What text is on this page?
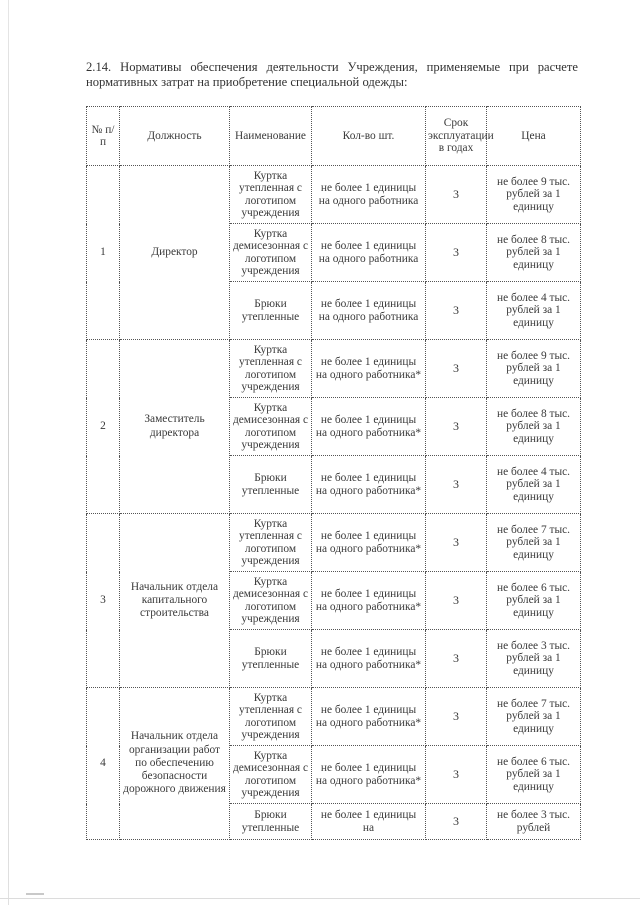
2.14. Нормативы обеспечения деятельности Учреждения, применяемые при расчете нормативных затрат на приобретение специальной одежды:

№ п/п	Должность	Наименование	Кол-во шт.	Срок эксплуатации в годах	Цена
1	Директор	Куртка утепленная с логотипом учреждения	не более 1 единицы на одного работника	3	не более 9 тыс. рублей за 1 единицу
		Куртка демисезонная с логотипом учреждения	не более 1 единицы на одного работника	3	не более 8 тыс. рублей за 1 единицу
		Брюки утепленные	не более 1 единицы на одного работника	3	не более 4 тыс. рублей за 1 единицу
2	Заместитель директора	Куртка утепленная с логотипом учреждения	не более 1 единицы на одного работника*	3	не более 9 тыс. рублей за 1 единицу
		Куртка демисезонная с логотипом учреждения	не более 1 единицы на одного работника*	3	не более 8 тыс. рублей за 1 единицу
		Брюки утепленные	не более 1 единицы на одного работника*	3	не более 4 тыс. рублей за 1 единицу
3	Начальник отдела капитального строительства	Куртка утепленная с логотипом учреждения	не более 1 единицы на одного работника*	3	не более 7 тыс. рублей за 1 единицу
		Куртка демисезонная с логотипом учреждения	не более 1 единицы на одного работника*	3	не более 6 тыс. рублей за 1 единицу
		Брюки утепленные	не более 1 единицы на одного работника*	3	не более 3 тыс. рублей за 1 единицу
4	Начальник отдела организации работ по обеспечению безопасности дорожного движения	Куртка утепленная с логотипом учреждения	не более 1 единицы на одного работника*	3	не более 7 тыс. рублей за 1 единицу
		Куртка демисезонная с логотипом учреждения	не более 1 единицы на одного работника*	3	не более 6 тыс. рублей за 1 единицу
		Брюки утепленные	не более 1 единицы на	3	не более 3 тыс. рублей
